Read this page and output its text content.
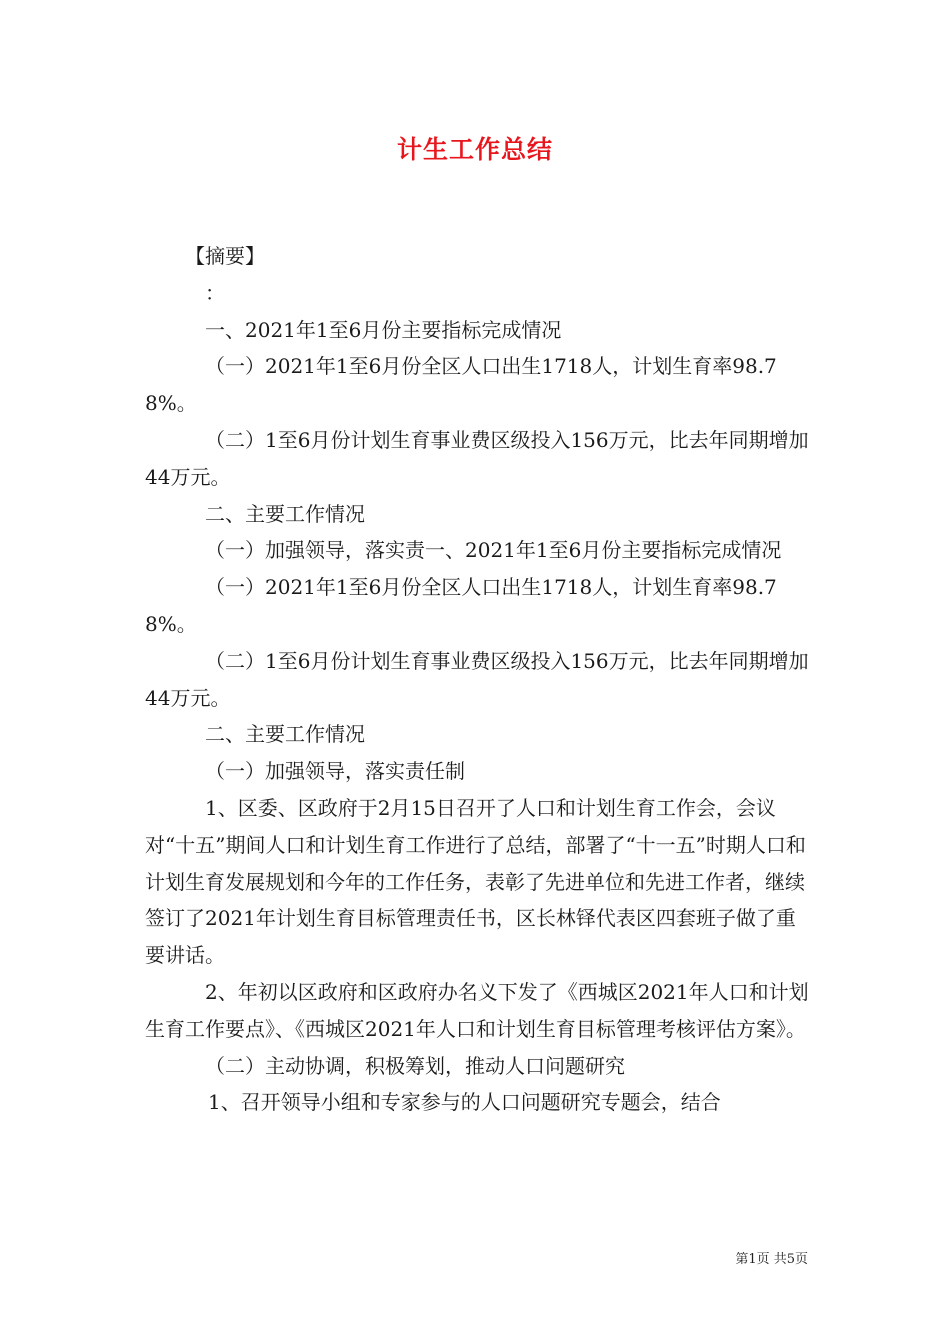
计生工作总结

【摘要】

：

一、2021年1至6月份主要指标完成情况

（一）2021年1至6月份全区人口出生1718人，计划生育率98.78%。

（二）1至6月份计划生育事业费区级投入156万元，比去年同期增加44万元。

二、主要工作情况

（一）加强领导，落实责一、2021年1至6月份主要指标完成情况

（一）2021年1至6月份全区人口出生1718人，计划生育率98.78%。

（二）1至6月份计划生育事业费区级投入156万元，比去年同期增加44万元。

二、主要工作情况

（一）加强领导，落实责任制

1、区委、区政府于2月15日召开了人口和计划生育工作会，会议对“十五”期间人口和计划生育工作进行了总结，部署了“十一五”时期人口和计划生育发展规划和今年的工作任务，表彰了先进单位和先进工作者，继续签订了2021年计划生育目标管理责任书，区长林铎代表区四套班子做了重要讲话。

2、年初以区政府和区政府办名义下发了《西城区2021年人口和计划生育工作要点》、《西城区2021年人口和计划生育目标管理考核评估方案》。

（二）主动协调，积极筹划，推动人口问题研究

1、召开领导小组和专家参与的人口问题研究专题会，结合

第1页 共5页
